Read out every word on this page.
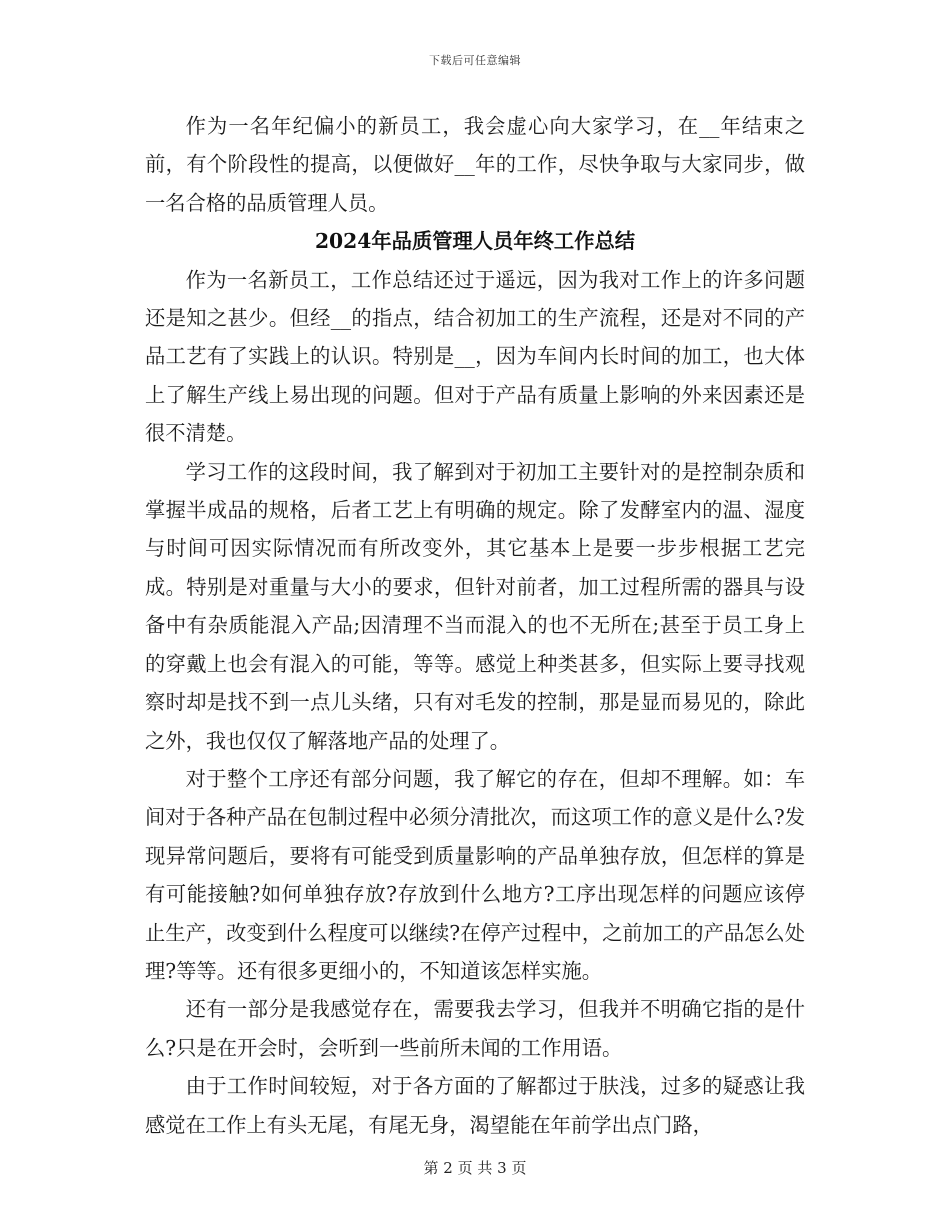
下载后可任意编辑

作为一名年纪偏小的新员工，我会虚心向大家学习，在__年结束之前，有个阶段性的提高，以便做好__年的工作，尽快争取与大家同步，做一名合格的品质管理人员。

2024年品质管理人员年终工作总结

作为一名新员工，工作总结还过于遥远，因为我对工作上的许多问题还是知之甚少。但经__的指点，结合初加工的生产流程，还是对不同的产品工艺有了实践上的认识。特别是__，因为车间内长时间的加工，也大体上了解生产线上易出现的问题。但对于产品有质量上影响的外来因素还是很不清楚。

学习工作的这段时间，我了解到对于初加工主要针对的是控制杂质和掌握半成品的规格，后者工艺上有明确的规定。除了发酵室内的温、湿度与时间可因实际情况而有所改变外，其它基本上是要一步步根据工艺完成。特别是对重量与大小的要求，但针对前者，加工过程所需的器具与设备中有杂质能混入产品;因清理不当而混入的也不无所在;甚至于员工身上的穿戴上也会有混入的可能，等等。感觉上种类甚多，但实际上要寻找观察时却是找不到一点儿头绪，只有对毛发的控制，那是显而易见的，除此之外，我也仅仅了解落地产品的处理了。

对于整个工序还有部分问题，我了解它的存在，但却不理解。如：车间对于各种产品在包制过程中必须分清批次，而这项工作的意义是什么?发现异常问题后，要将有可能受到质量影响的产品单独存放，但怎样的算是有可能接触?如何单独存放?存放到什么地方?工序出现怎样的问题应该停止生产，改变到什么程度可以继续?在停产过程中，之前加工的产品怎么处理?等等。还有很多更细小的，不知道该怎样实施。

还有一部分是我感觉存在，需要我去学习，但我并不明确它指的是什么?只是在开会时，会听到一些前所未闻的工作用语。

由于工作时间较短，对于各方面的了解都过于肤浅，过多的疑惑让我感觉在工作上有头无尾，有尾无身，渴望能在年前学出点门路，

第 2 页 共 3 页
